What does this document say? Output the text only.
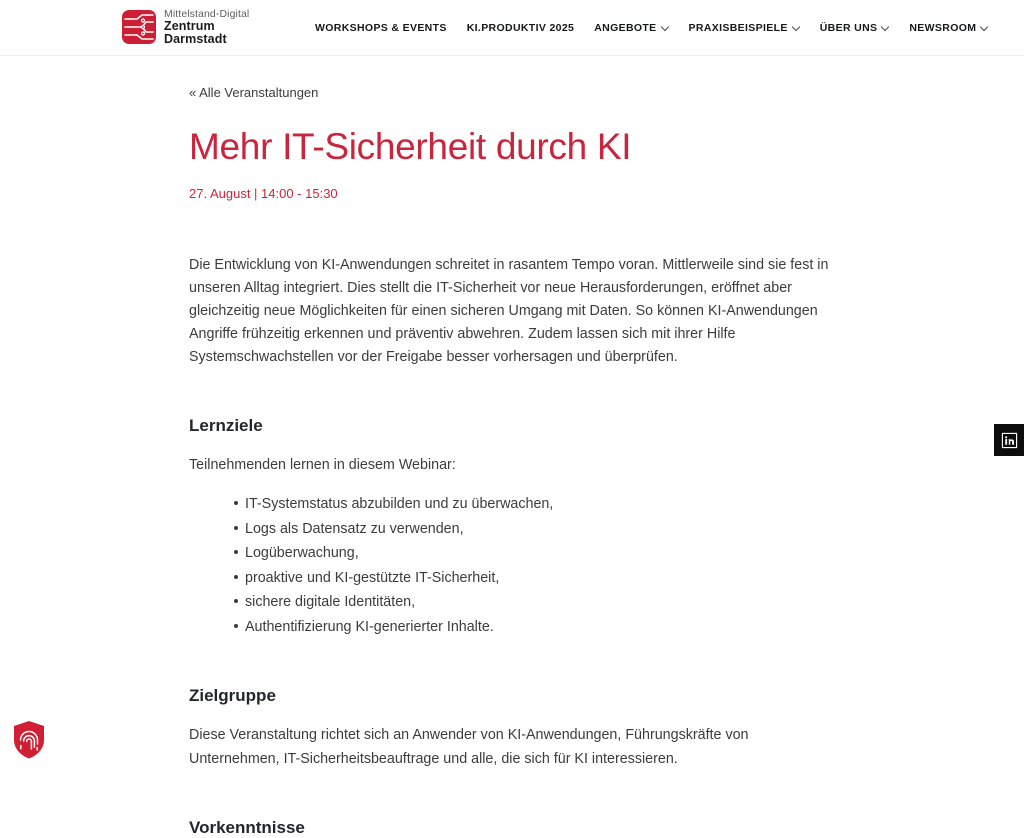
Mittelstand-Digital
Zentrum
Darmstadt
WORKSHOPS & EVENTS KI.PRODUKTIV 2025 ANGEBOTE	PRAXISBEISPIELE	ÜBER UNS	NEWSROOM
« Alle Veranstaltungen
Mehr IT-Sicherheit durch KI
27. August | 14:00 - 15:30

Die Entwicklung von KI-Anwendungen schreitet in rasantem Tempo voran. Mittlerweile sind sie fest in unseren Alltag integriert. Dies stellt die IT-Sicherheit vor neue Herausforderungen, eröffnet aber gleichzeitig neue Möglichkeiten für einen sicheren Umgang mit Daten. So können KI-Anwendungen Angriffe frühzeitig erkennen und präventiv abwehren. Zudem lassen sich mit ihrer Hilfe Systemschwachstellen vor der Freigabe besser vorhersagen und überprüfen.

Lernziele

Teilnehmenden lernen in diesem Webinar:

IT-Systemstatus abzubilden und zu überwachen,
Logs als Datensatz zu verwenden,
Logüberwachung,
proaktive und KI-gestützte IT-Sicherheit,
sichere digitale Identitäten,
Authentifizierung KI-generierter Inhalte.
Zielgruppe

Diese Veranstaltung richtet sich an Anwender von KI-Anwendungen, Führungskräfte von Unternehmen, IT-Sicherheitsbeauftrage und alle, die sich für KI interessieren.

Vorkenntnisse
